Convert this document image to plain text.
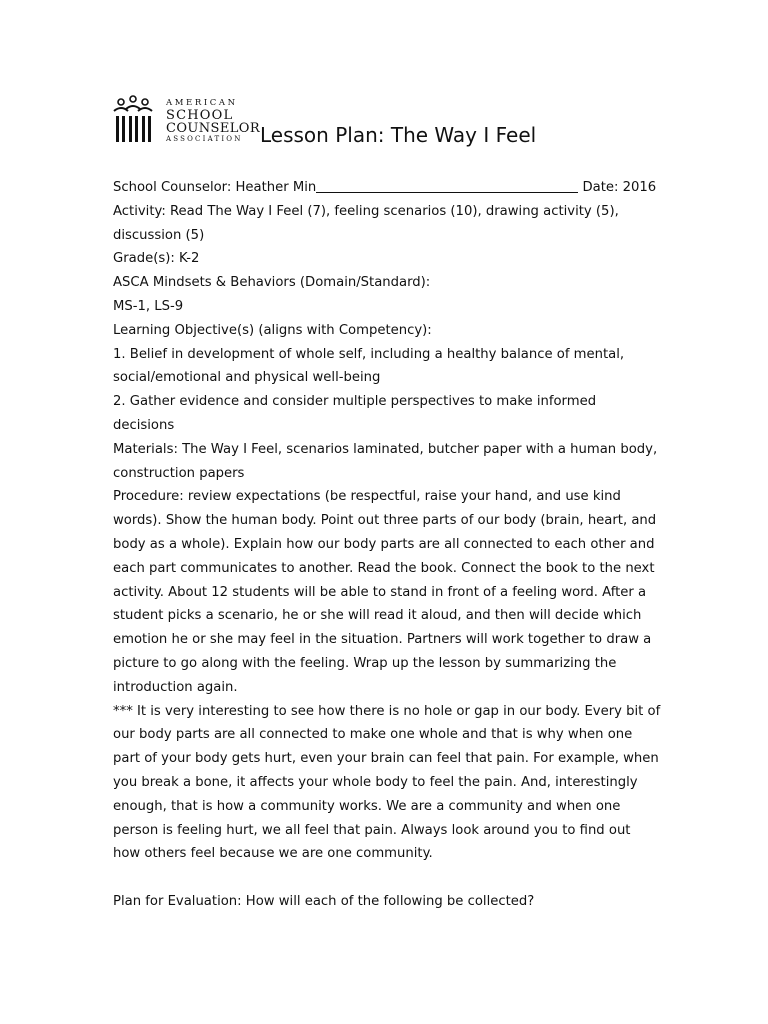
AMERICAN
SCHOOL
COUNSELOR
ASSOCIATION Lesson Plan: The Way I Feel

School Counselor: Heather Min	Date: 2016

Activity: Read The Way I Feel (7), feeling scenarios (10), drawing activity (5), discussion (5)

Grade(s): K-2

ASCA Mindsets & Behaviors (Domain/Standard):

MS-1, LS-9

Learning Objective(s) (aligns with Competency):

1. Belief in development of whole self, including a healthy balance of mental, social/emotional and physical well-being

2. Gather evidence and consider multiple perspectives to make informed decisions

Materials: The Way I Feel, scenarios laminated, butcher paper with a human body, construction papers

Procedure: review expectations (be respectful, raise your hand, and use kind words). Show the human body. Point out three parts of our body (brain, heart, and body as a whole). Explain how our body parts are all connected to each other and each part communicates to another. Read the book. Connect the book to the next activity. About 12 students will be able to stand in front of a feeling word. After a student picks a scenario, he or she will read it aloud, and then will decide which emotion he or she may feel in the situation. Partners will work together to draw a picture to go along with the feeling. Wrap up the lesson by summarizing the introduction again.

*** It is very interesting to see how there is no hole or gap in our body. Every bit of our body parts are all connected to make one whole and that is why when one part of your body gets hurt, even your brain can feel that pain. For example, when you break a bone, it affects your whole body to feel the pain. And, interestingly enough, that is how a community works. We are a community and when one person is feeling hurt, we all feel that pain. Always look around you to find out how others feel because we are one community.

Plan for Evaluation: How will each of the following be collected?
